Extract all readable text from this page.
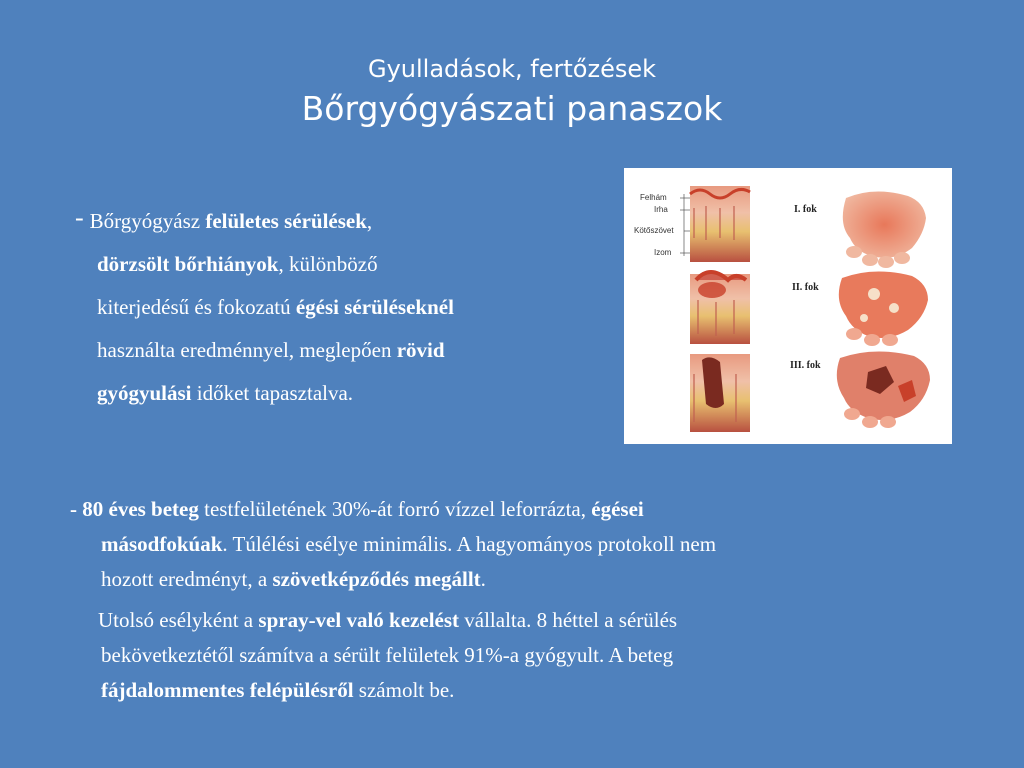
Gyulladások, fertőzések
Bőrgyógyászati panaszok
- Bőrgyógyász felületes sérülések,
dörzsölt bőrhiányok, különböző
kiterjedésű és fokozatú égési sérüléseknél
használta eredménnyel, meglepően rövid
gyógyulási időket tapasztalva.
Felhám
Irha
Kötőszövet
Izom
I. fok
II. fok
III. fok
- 80 éves beteg testfelületének 30%-át forró vízzel leforrázta, égései
másodfokúak. Túlélési esélye minimális. A hagyományos protokoll nem
hozott eredményt, a szövetképződés megállt.
Utolsó esélyként a spray-vel való kezelést vállalta. 8 héttel a sérülés
bekövetkeztétől számítva a sérült felületek 91%-a gyógyult. A beteg
fájdalommentes felépülésről számolt be.
